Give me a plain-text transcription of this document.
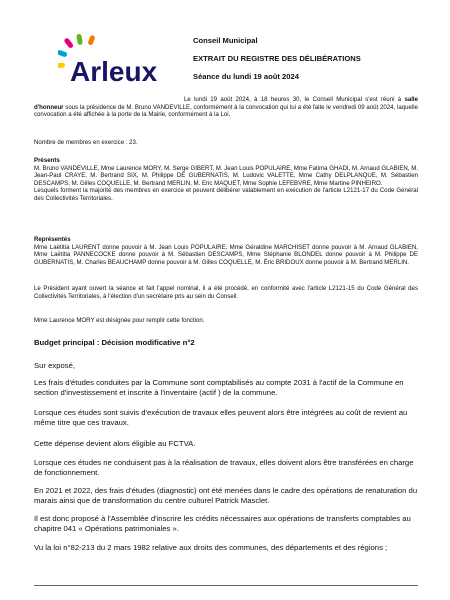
Arleux
Conseil Municipal
EXTRAIT DU REGISTRE DES DÉLIBÉRATIONS
Séance du lundi 19 août 2024

Le lundi 19 août 2024, à 18 heures 30, le Conseil Municipal s'est réuni à salle d'honneur sous la présidence de M. Bruno VANDEVILLE, conformément à la convocation qui lui a été faite le vendredi 09 août 2024, laquelle convocation a été affichée à la porte de la Mairie, conformément à la Loi.

Nombre de membres en exercice : 23.

Présents

M. Bruno VANDEVILLE, Mme Laurence MORY, M. Serge GIBERT, M. Jean Louis POPULAIRE, Mme Fatima GHADI, M. Arnaud GLABIEN, M. Jean-Paul CRAYE, M. Bertrand SIX, M. Philippe DE GUBERNATIS, M. Ludovic VALETTE, Mme Cathy DELPLANQUE, M. Sébastien DESCAMPS, M. Gilles COQUELLE, M. Bertrand MERLIN, M. Eric MAQUET, Mme Sophie LEFEBVRE, Mme Martine PINHEIRO.

Lesquels forment la majorité des membres en exercice et peuvent délibérer valablement en exécution de l'article L2121-17 du Code Général des Collectivités Territoriales.

Représentés

Mme Laëtitia LAURENT donne pouvoir à M. Jean Louis POPULAIRE, Mme Géraldine MARCHISET donne pouvoir à M. Arnaud GLABIEN, Mme Laëtitia PANNECOCKE donne pouvoir à M. Sébastien DESCAMPS, Mme Stéphanie BLONDEL donne pouvoir à M. Philippe DE GUBERNATIS, M. Charles BEAUCHAMP donne pouvoir à M. Gilles COQUELLE, M. Éric BRIDOUX donne pouvoir à M. Bertrand MERLIN.

Le Président ayant ouvert la séance et fait l'appel nominal, il a été procédé, en conformité avec l'article L2121-15 du Code Général des Collectivités Territoriales, à l'élection d'un secrétaire pris au sein du Conseil.

Mme Laurence MORY est désignée pour remplir cette fonction.

Budget principal : Décision modificative n°2
Sur exposé,
Les frais d'études conduites par la Commune sont comptabilisés au compte 2031 à l'actif de la Commune en section d'investissement et inscrite à l'inventaire (actif ) de la commune.
Lorsque ces études sont suivis d'exécution de travaux elles peuvent alors être intégrées au coût de revient au même titre que ces travaux.
Cette dépense devient alors éligible au FCTVA.
Lorsque ces études ne conduisent pas à la réalisation de travaux, elles doivent alors être transférées en charge de fonctionnement.
En 2021 et 2022, des frais d'études (diagnostic) ont été menées dans le cadre des opérations de renaturation du marais ainsi que de transformation du centre culturel Patrick Masclet.
Il est donc proposé à l'Assemblée d'inscrire les crédits nécessaires aux opérations de transferts comptables au chapitre 041 « Opérations patrimoniales ».
Vu la loi n°82-213 du 2 mars 1982 relative aux droits des communes, des départements et des régions ;
